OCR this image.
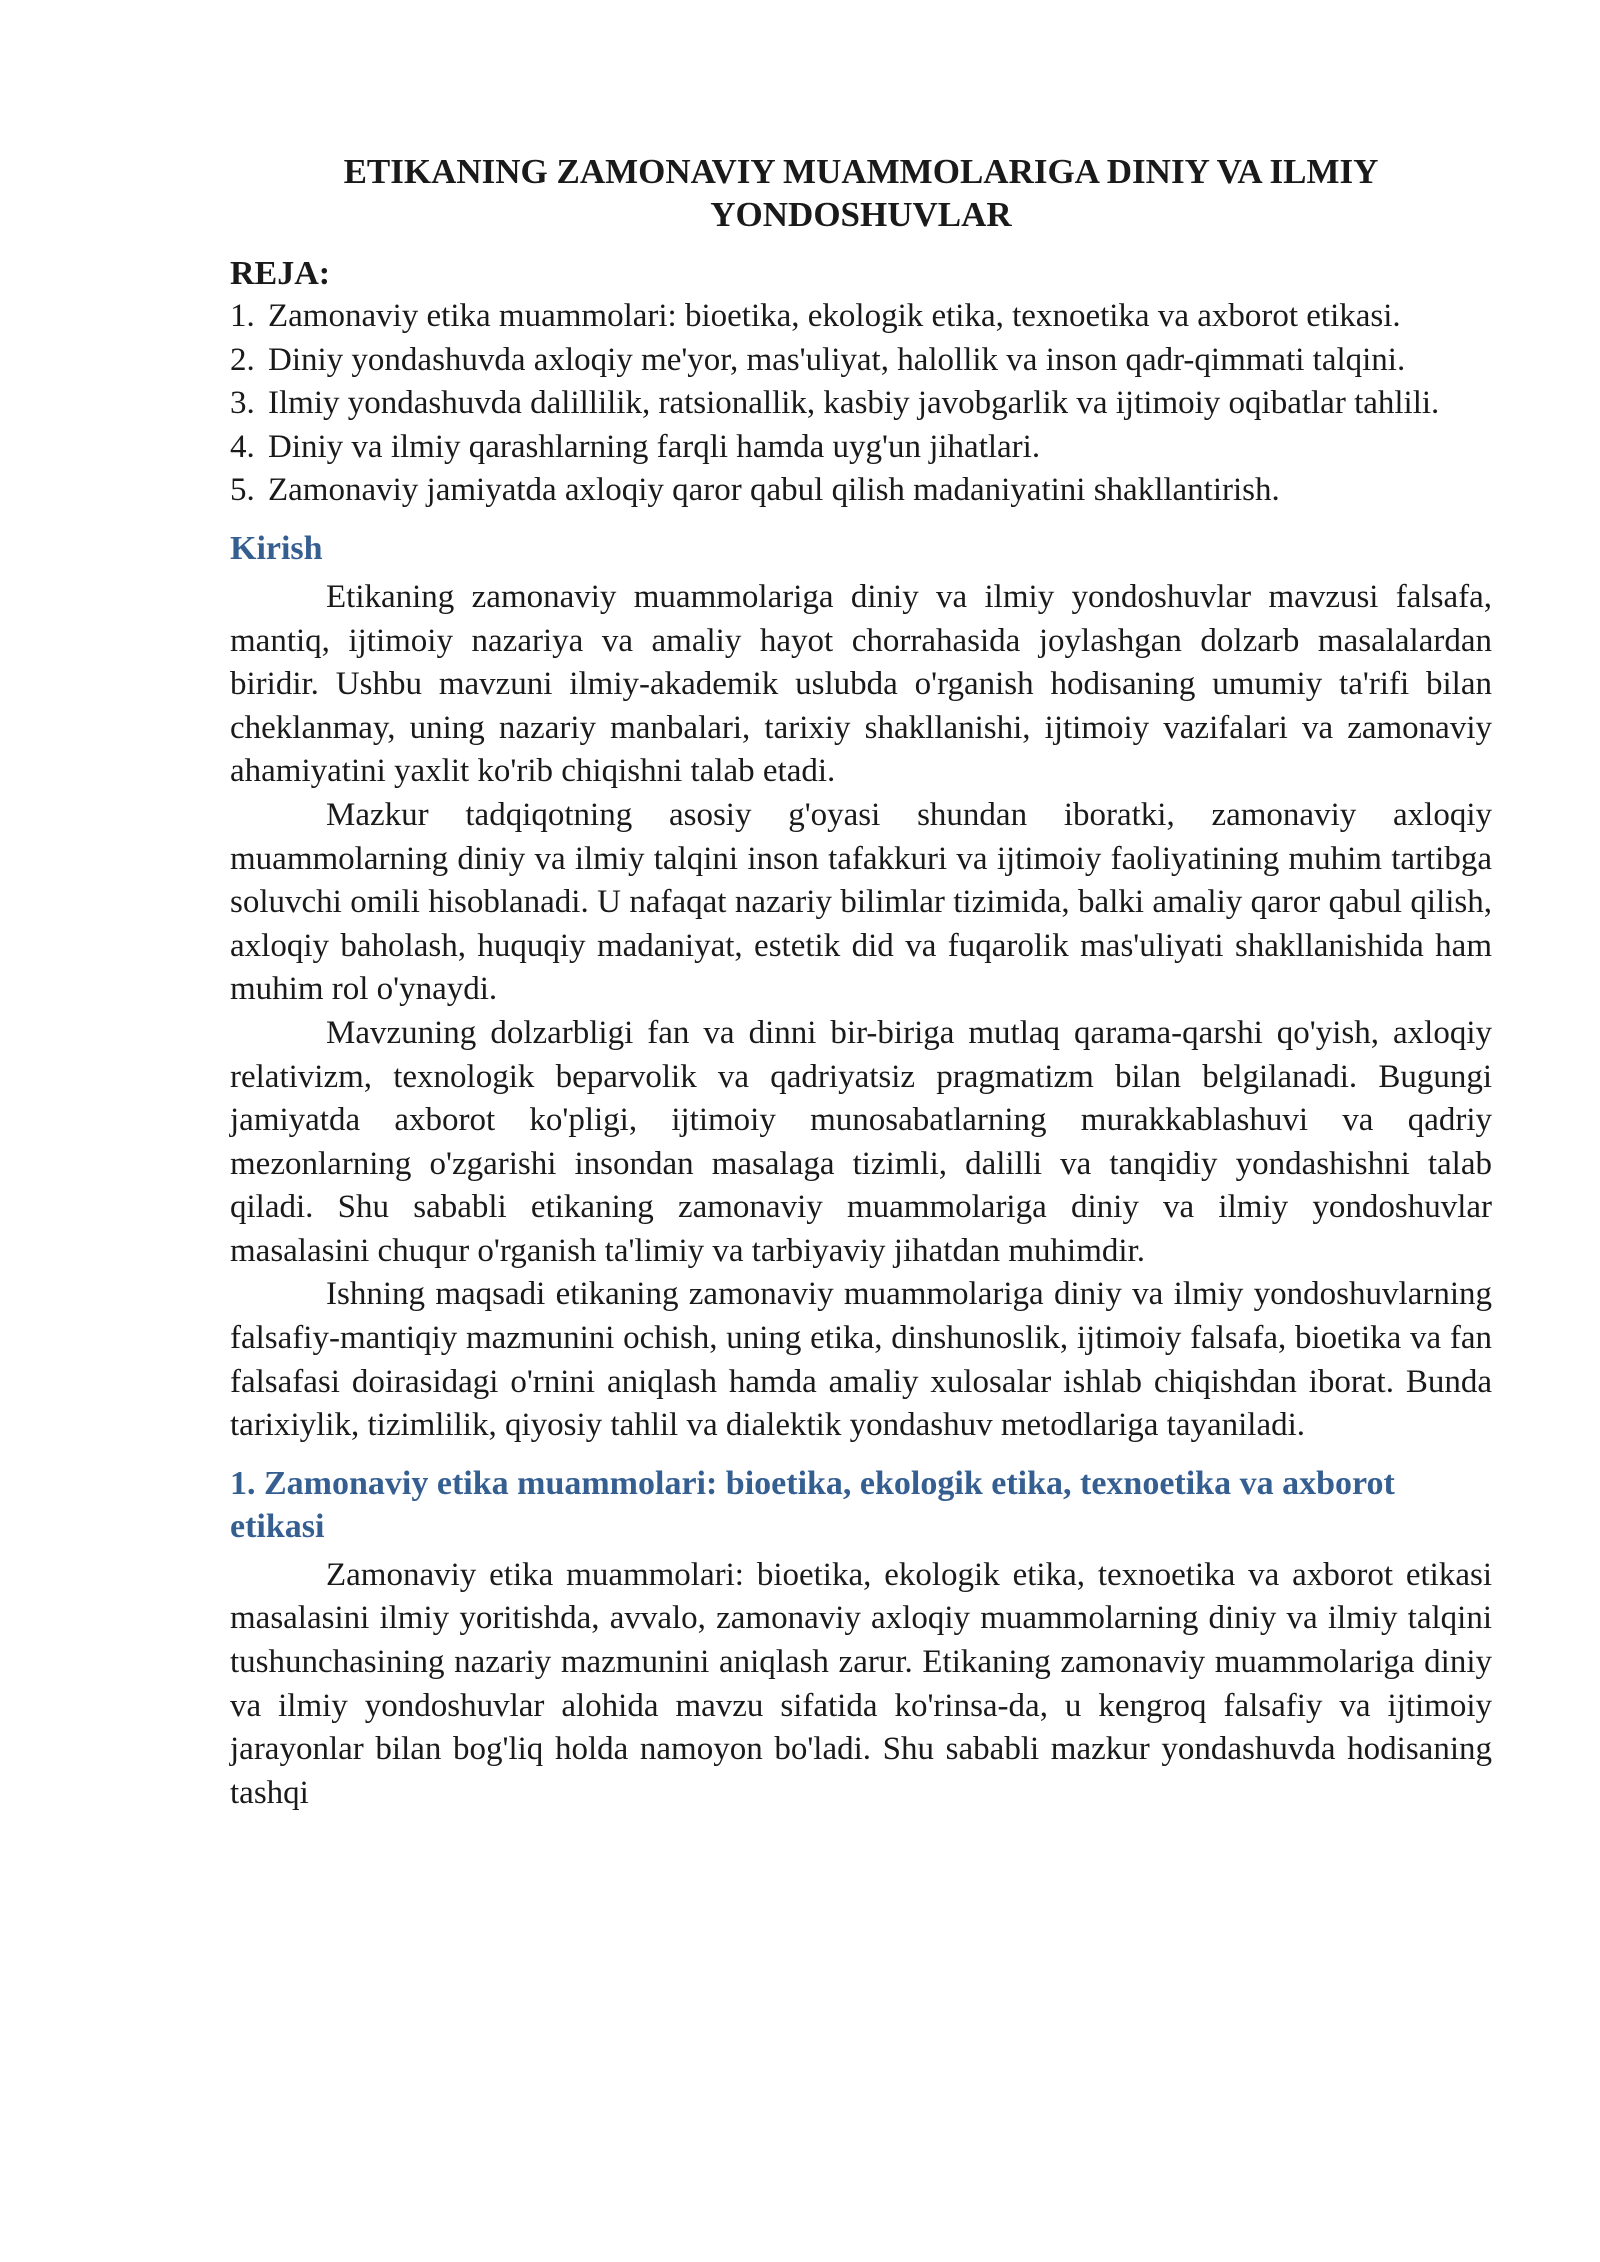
ETIKANING ZAMONAVIY MUAMMOLARIGA DINIY VA ILMIY YONDOSHUVLAR
REJA:
1. Zamonaviy etika muammolari: bioetika, ekologik etika, texnoetika va axborot etikasi.
2. Diniy yondashuvda axloqiy me'yor, mas'uliyat, halollik va inson qadr-qimmati talqini.
3. Ilmiy yondashuvda dalillilik, ratsionallik, kasbiy javobgarlik va ijtimoiy oqibatlar tahlili.
4. Diniy va ilmiy qarashlarning farqli hamda uyg'un jihatlari.
5. Zamonaviy jamiyatda axloqiy qaror qabul qilish madaniyatini shakllantirish.
Kirish

Etikaning zamonaviy muammolariga diniy va ilmiy yondoshuvlar mavzusi falsafa, mantiq, ijtimoiy nazariya va amaliy hayot chorrahasida joylashgan dolzarb masalalardan biridir. Ushbu mavzuni ilmiy-akademik uslubda o'rganish hodisaning umumiy ta'rifi bilan cheklanmay, uning nazariy manbalari, tarixiy shakllanishi, ijtimoiy vazifalari va zamonaviy ahamiyatini yaxlit ko'rib chiqishni talab etadi.

Mazkur tadqiqotning asosiy g'oyasi shundan iboratki, zamonaviy axloqiy muammolarning diniy va ilmiy talqini inson tafakkuri va ijtimoiy faoliyatining muhim tartibga soluvchi omili hisoblanadi. U nafaqat nazariy bilimlar tizimida, balki amaliy qaror qabul qilish, axloqiy baholash, huquqiy madaniyat, estetik did va fuqarolik mas'uliyati shakllanishida ham muhim rol o'ynaydi.

Mavzuning dolzarbligi fan va dinni bir-biriga mutlaq qarama-qarshi qo'yish, axloqiy relativizm, texnologik beparvolik va qadriyatsiz pragmatizm bilan belgilanadi. Bugungi jamiyatda axborot ko'pligi, ijtimoiy munosabatlarning murakkablashuvi va qadriy mezonlarning o'zgarishi insondan masalaga tizimli, dalilli va tanqidiy yondashishni talab qiladi. Shu sababli etikaning zamonaviy muammolariga diniy va ilmiy yondoshuvlar masalasini chuqur o'rganish ta'limiy va tarbiyaviy jihatdan muhimdir.

Ishning maqsadi etikaning zamonaviy muammolariga diniy va ilmiy yondoshuvlarning falsafiy-mantiqiy mazmunini ochish, uning etika, dinshunoslik, ijtimoiy falsafa, bioetika va fan falsafasi doirasidagi o'rnini aniqlash hamda amaliy xulosalar ishlab chiqishdan iborat. Bunda tarixiylik, tizimlilik, qiyosiy tahlil va dialektik yondashuv metodlariga tayaniladi.

1. Zamonaviy etika muammolari: bioetika, ekologik etika, texnoetika va axborot etikasi

Zamonaviy etika muammolari: bioetika, ekologik etika, texnoetika va axborot etikasi masalasini ilmiy yoritishda, avvalo, zamonaviy axloqiy muammolarning diniy va ilmiy talqini tushunchasining nazariy mazmunini aniqlash zarur. Etikaning zamonaviy muammolariga diniy va ilmiy yondoshuvlar alohida mavzu sifatida ko'rinsa-da, u kengroq falsafiy va ijtimoiy jarayonlar bilan bog'liq holda namoyon bo'ladi. Shu sababli mazkur yondashuvda hodisaning tashqi
